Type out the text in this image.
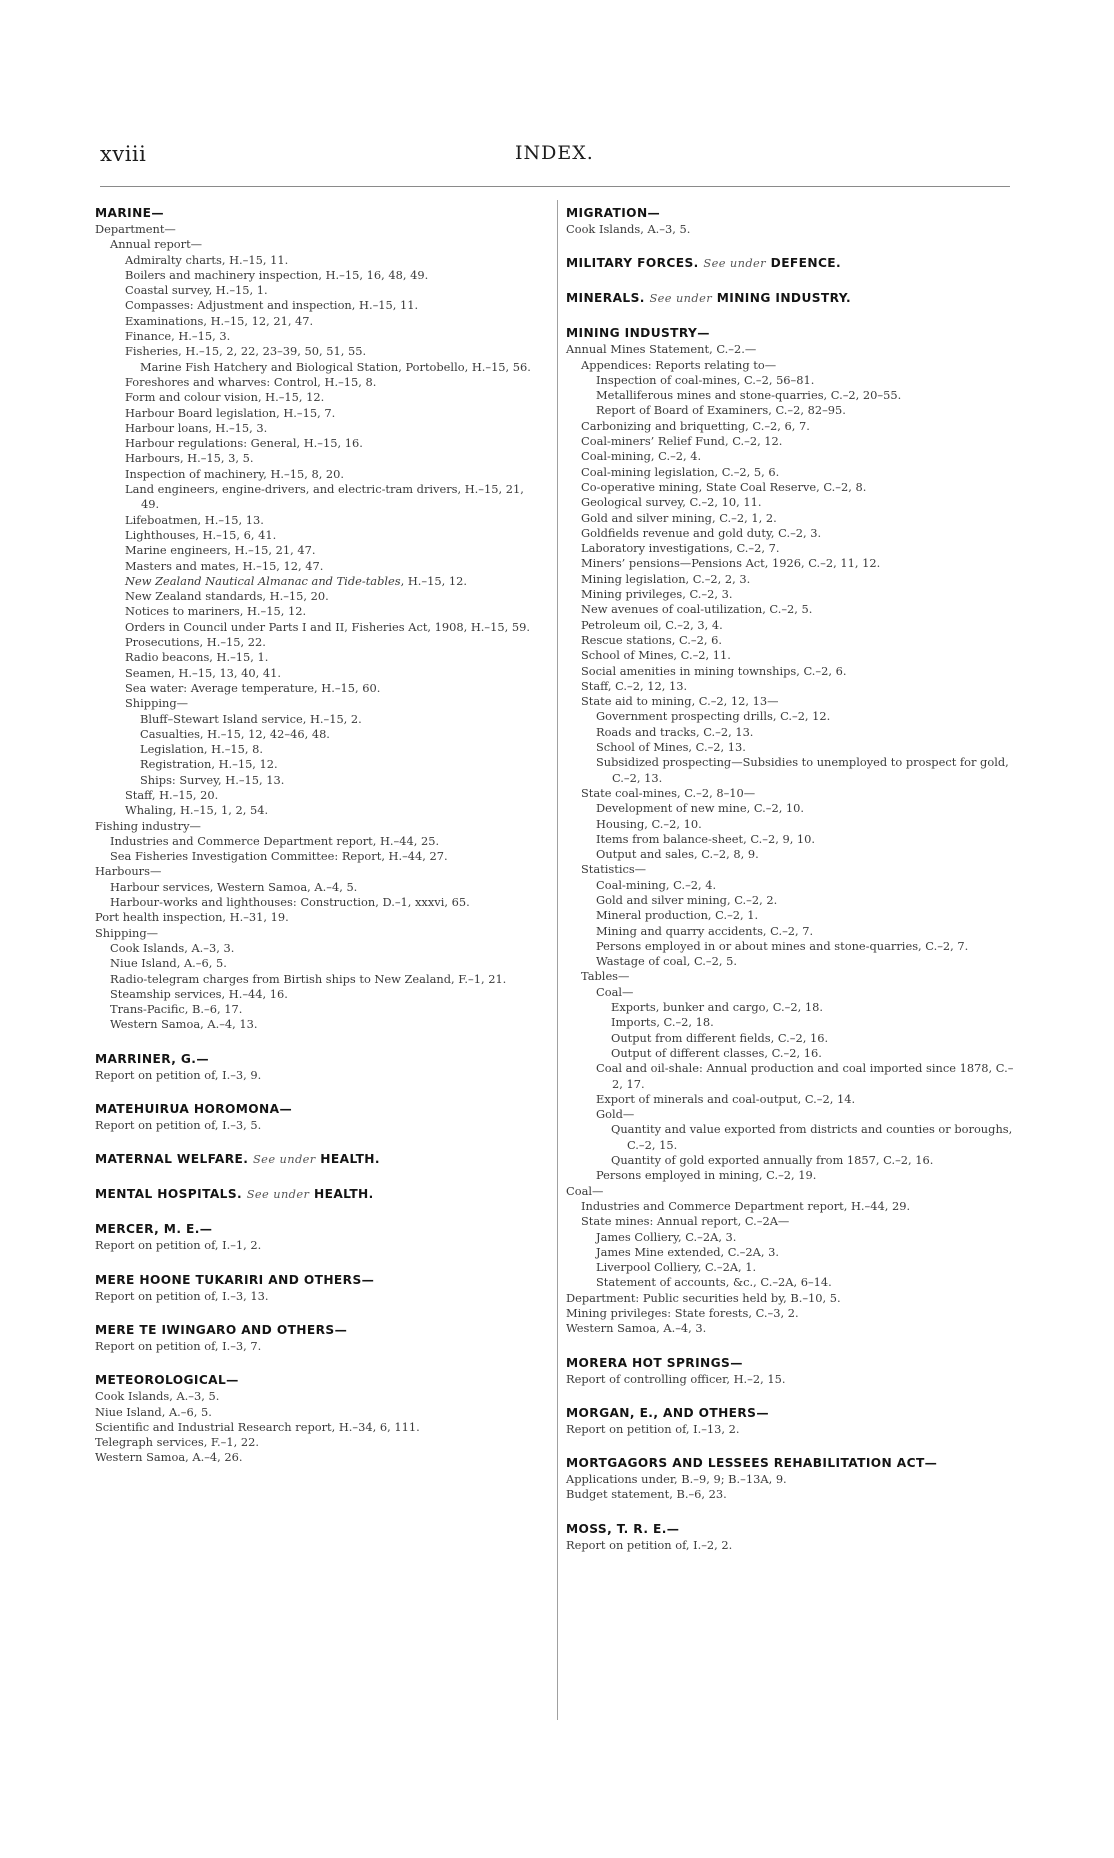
xviii	INDEX.
MARINE—
Department—
Annual report—
Admiralty charts, H.–15, 11.
Boilers and machinery inspection, H.–15, 16, 48, 49.
Coastal survey, H.–15, 1.
Compasses: Adjustment and inspection, H.–15, 11.
Examinations, H.–15, 12, 21, 47.
Finance, H.–15, 3.
Fisheries, H.–15, 2, 22, 23–39, 50, 51, 55.
Marine Fish Hatchery and Biological Station, Portobello, H.–15, 56.
Foreshores and wharves: Control, H.–15, 8.
Form and colour vision, H.–15, 12.
Harbour Board legislation, H.–15, 7.
Harbour loans, H.–15, 3.
Harbour regulations: General, H.–15, 16.
Harbours, H.–15, 3, 5.
Inspection of machinery, H.–15, 8, 20.
Land engineers, engine-drivers, and electric-tram drivers, H.–15, 21, 49.
Lifeboatmen, H.–15, 13.
Lighthouses, H.–15, 6, 41.
Marine engineers, H.–15, 21, 47.
Masters and mates, H.–15, 12, 47.
New Zealand Nautical Almanac and Tide-tables, H.–15, 12.
New Zealand standards, H.–15, 20.
Notices to mariners, H.–15, 12.
Orders in Council under Parts I and II, Fisheries Act, 1908, H.–15, 59.
Prosecutions, H.–15, 22.
Radio beacons, H.–15, 1.
Seamen, H.–15, 13, 40, 41.
Sea water: Average temperature, H.–15, 60.
Shipping—
Bluff–Stewart Island service, H.–15, 2.
Casualties, H.–15, 12, 42–46, 48.
Legislation, H.–15, 8.
Registration, H.–15, 12.
Ships: Survey, H.–15, 13.
Staff, H.–15, 20.
Whaling, H.–15, 1, 2, 54.
Fishing industry—
Industries and Commerce Department report, H.–44, 25.
Sea Fisheries Investigation Committee: Report, H.–44, 27.
Harbours—
Harbour services, Western Samoa, A.–4, 5.
Harbour-works and lighthouses: Construction, D.–1, xxxvi, 65.
Port health inspection, H.–31, 19.
Shipping—
Cook Islands, A.–3, 3.
Niue Island, A.–6, 5.
Radio-telegram charges from Birtish ships to New Zealand, F.–1, 21.
Steamship services, H.–44, 16.
Trans-Pacific, B.–6, 17.
Western Samoa, A.–4, 13.
MARRINER, G.—
Report on petition of, I.–3, 9.
MATEHUIRUA HOROMONA—
Report on petition of, I.–3, 5.
MATERNAL WELFARE. See under HEALTH.
MENTAL HOSPITALS. See under HEALTH.
MERCER, M. E.—
Report on petition of, I.–1, 2.
MERE HOONE TUKARIRI AND OTHERS—
Report on petition of, I.–3, 13.
MERE TE IWINGARO AND OTHERS—
Report on petition of, I.–3, 7.
METEOROLOGICAL—
Cook Islands, A.–3, 5.
Niue Island, A.–6, 5.
Scientific and Industrial Research report, H.–34, 6, 111.
Telegraph services, F.–1, 22.
Western Samoa, A.–4, 26.
MIGRATION—
Cook Islands, A.–3, 5.
MILITARY FORCES. See under DEFENCE.
MINERALS. See under MINING INDUSTRY.
MINING INDUSTRY—
Annual Mines Statement, C.–2.—
Appendices: Reports relating to—
Inspection of coal-mines, C.–2, 56–81.
Metalliferous mines and stone-quarries, C.–2, 20–55.
Report of Board of Examiners, C.–2, 82–95.
Carbonizing and briquetting, C.–2, 6, 7.
Coal-miners’ Relief Fund, C.–2, 12.
Coal-mining, C.–2, 4.
Coal-mining legislation, C.–2, 5, 6.
Co-operative mining, State Coal Reserve, C.–2, 8.
Geological survey, C.–2, 10, 11.
Gold and silver mining, C.–2, 1, 2.
Goldfields revenue and gold duty, C.–2, 3.
Laboratory investigations, C.–2, 7.
Miners’ pensions—Pensions Act, 1926, C.–2, 11, 12.
Mining legislation, C.–2, 2, 3.
Mining privileges, C.–2, 3.
New avenues of coal-utilization, C.–2, 5.
Petroleum oil, C.–2, 3, 4.
Rescue stations, C.–2, 6.
School of Mines, C.–2, 11.
Social amenities in mining townships, C.–2, 6.
Staff, C.–2, 12, 13.
State aid to mining, C.–2, 12, 13—
Government prospecting drills, C.–2, 12.
Roads and tracks, C.–2, 13.
School of Mines, C.–2, 13.
Subsidized prospecting—Subsidies to unemployed to prospect for gold, C.–2, 13.
State coal-mines, C.–2, 8–10—
Development of new mine, C.–2, 10.
Housing, C.–2, 10.
Items from balance-sheet, C.–2, 9, 10.
Output and sales, C.–2, 8, 9.
Statistics—
Coal-mining, C.–2, 4.
Gold and silver mining, C.–2, 2.
Mineral production, C.–2, 1.
Mining and quarry accidents, C.–2, 7.
Persons employed in or about mines and stone-quarries, C.–2, 7.
Wastage of coal, C.–2, 5.
Tables—
Coal—
Exports, bunker and cargo, C.–2, 18.
Imports, C.–2, 18.
Output from different fields, C.–2, 16.
Output of different classes, C.–2, 16.
Coal and oil-shale: Annual production and coal imported since 1878, C.–2, 17.
Export of minerals and coal-output, C.–2, 14.
Gold—
Quantity and value exported from districts and counties or boroughs, C.–2, 15.
Quantity of gold exported annually from 1857, C.–2, 16.
Persons employed in mining, C.–2, 19.
Coal—
Industries and Commerce Department report, H.–44, 29.
State mines: Annual report, C.–2A—
James Colliery, C.–2A, 3.
James Mine extended, C.–2A, 3.
Liverpool Colliery, C.–2A, 1.
Statement of accounts, &c., C.–2A, 6–14.
Department: Public securities held by, B.–10, 5.
Mining privileges: State forests, C.–3, 2.
Western Samoa, A.–4, 3.
MORERA HOT SPRINGS—
Report of controlling officer, H.–2, 15.
MORGAN, E., AND OTHERS—
Report on petition of, I.–13, 2.
MORTGAGORS AND LESSEES REHABILITATION ACT—
Applications under, B.–9, 9; B.–13A, 9.
Budget statement, B.–6, 23.
MOSS, T. R. E.—
Report on petition of, I.–2, 2.
